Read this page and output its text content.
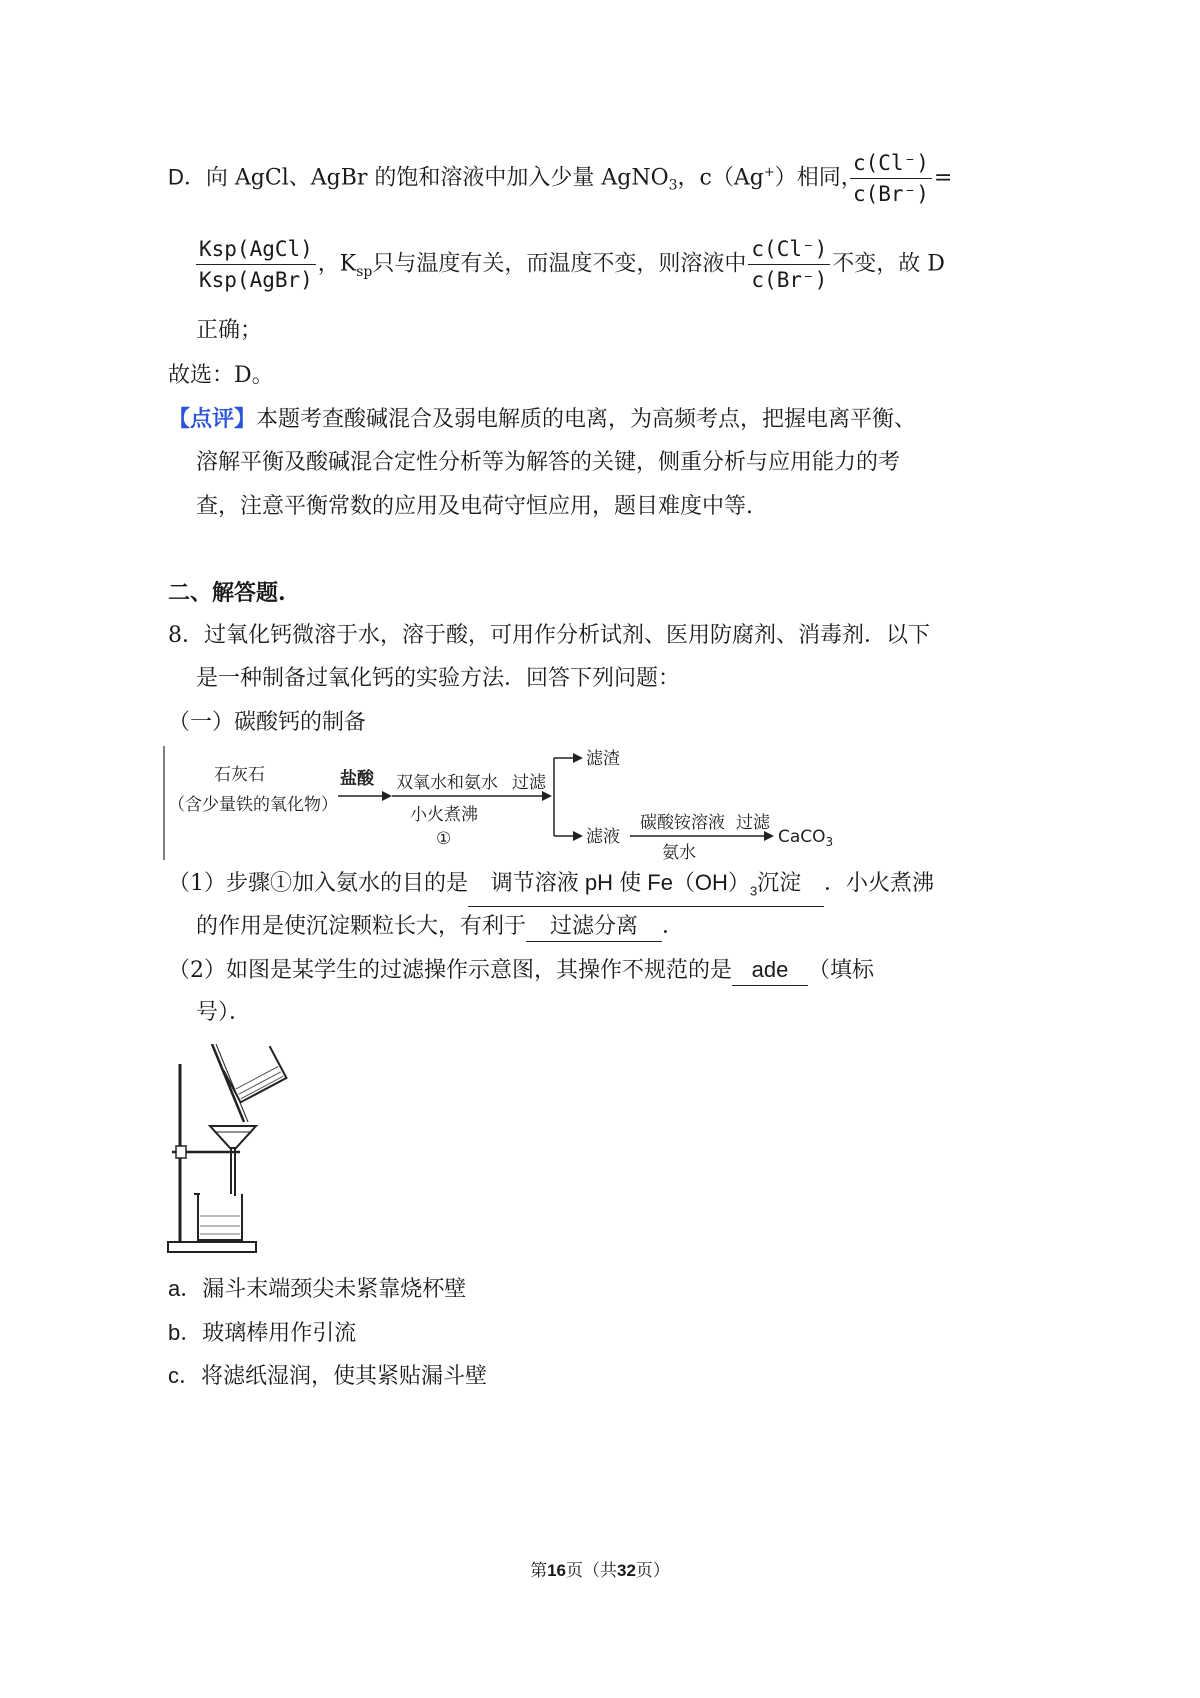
D．向 AgCl、AgBr 的饱和溶液中加入少量 AgNO$_3$，c（Ag+）相同，
$\frac{c(Cl^-)}{c(Br^-)}$ =
$\frac{\text{Ksp(AgCl)}}{\text{Ksp(AgBr)}}$ ，$K_{sp}$只与温度有关，而温度不变，则溶液中 $\frac{c(Cl^-)}{c(Br^-)}$ 不变，故 D
正确；
故选：D。
【点评】本题考查酸碱混合及弱电解质的电离，为高频考点，把握电离平衡、
溶解平衡及酸碱混合定性分析等为解答的关键，侧重分析与应用能力的考
查，注意平衡常数的应用及电荷守恒应用，题目难度中等.
二、解答题.
8．过氧化钙微溶于水，溶于酸，可用作分析试剂、医用防腐剂、消毒剂．以下
是一种制备过氧化钙的实验方法．回答下列问题：
（一）碳酸钙的制备
石灰石
（含少量铁的氧化物）
盐酸 双氧水和氨水
小火煮沸
①
过滤
滤渣
滤液
碳酸铵溶液
氨水
过滤
CaCO$_3$
（1）步骤①加入氨水的目的是 调节溶液 pH 使 $Fe(OH)_3$沉淀 ．小火煮沸
的作用是使沉淀颗粒长大，有利于 过滤分离 ．
（2）如图是某学生的过滤操作示意图，其操作不规范的是 ade （填标
号）．
a．漏斗末端颈尖未紧靠烧杯壁
b．玻璃棒用作引流
c．将滤纸湿润，使其紧贴漏斗壁
第16页（共32页）
